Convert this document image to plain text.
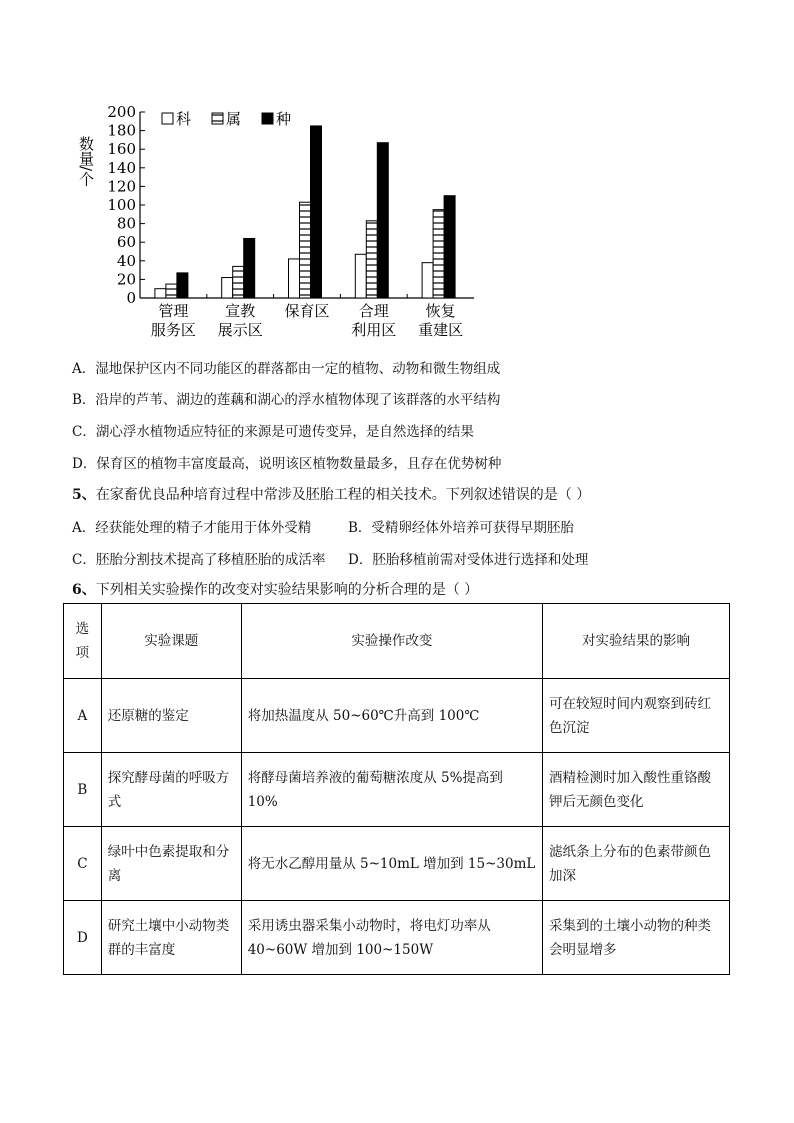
0
20
40
60
80
100
120
140
160
180
200
数量/个
管理
服务区
宣教
展示区
保育区 合理
利用区
恢复
重建区
科 属 种
A．湿地保护区内不同功能区的群落都由一定的植物、动物和微生物组成
B．沿岸的芦苇、湖边的莲藕和湖心的浮水植物体现了该群落的水平结构
C．湖心浮水植物适应特征的来源是可遗传变异，是自然选择的结果
D．保育区的植物丰富度最高，说明该区植物数量最多，且存在优势树种
5、在家畜优良品种培育过程中常涉及胚胎工程的相关技术。下列叙述错误的是（ ）
A．经获能处理的精子才能用于体外受精	B．受精卵经体外培养可获得早期胚胎
C．胚胎分割技术提高了移植胚胎的成活率 D．胚胎移植前需对受体进行选择和处理
6、下列相关实验操作的改变对实验结果影响的分析合理的是（ ）
选项	实验课题	实验操作改变	对实验结果的影响
A	还原糖的鉴定	将加热温度从 50~60℃升高到 100℃	可在较短时间内观察到砖红色沉淀
B	探究酵母菌的呼吸方式	将酵母菌培养液的葡萄糖浓度从 5%提高到 10%	酒精检测时加入酸性重铬酸钾后无颜色变化
C	绿叶中色素提取和分离	将无水乙醇用量从 5~10mL 增加到 15~30mL	滤纸条上分布的色素带颜色加深
D	研究土壤中小动物类群的丰富度	采用诱虫器采集小动物时，将电灯功率从 40~60W 增加到 100~150W	采集到的土壤小动物的种类会明显增多
